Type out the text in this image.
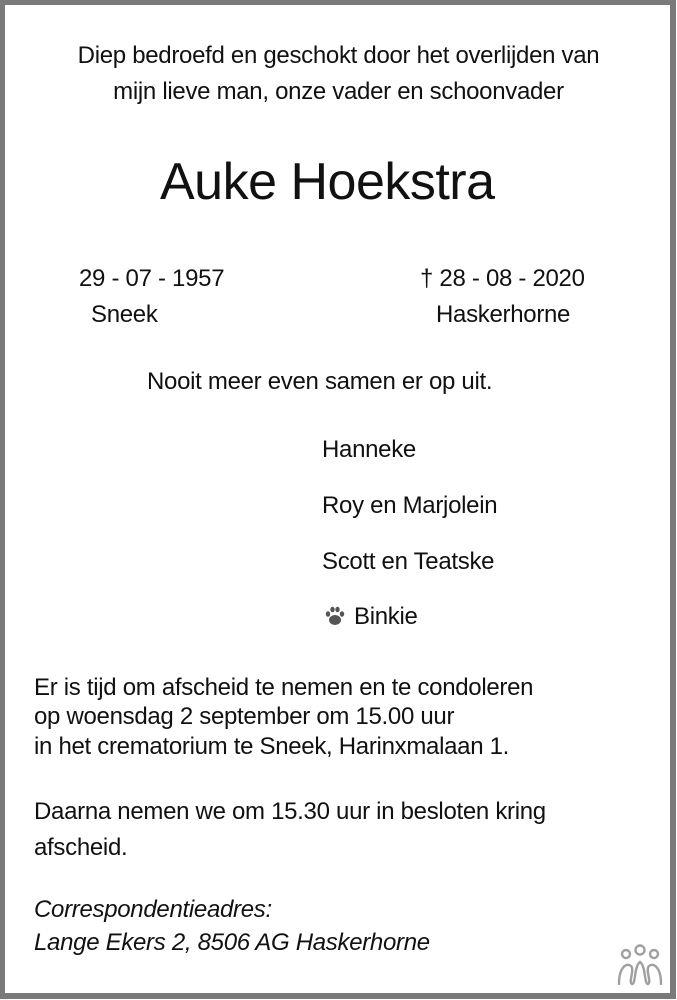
Diep bedroefd en geschokt door het overlijden van
mijn lieve man, onze vader en schoonvader
Auke Hoekstra
29 - 07 - 1957
Sneek
† 28 - 08 - 2020
Haskerhorne
Nooit meer even samen er op uit.
Hanneke
Roy en Marjolein
Scott en Teatske
Binkie
Er is tijd om afscheid te nemen en te condoleren
op woensdag 2 september om 15.00 uur
in het crematorium te Sneek, Harinxmalaan 1.
Daarna nemen we om 15.30 uur in besloten kring
afscheid.
Correspondentieadres:
Lange Ekers 2, 8506 AG Haskerhorne
